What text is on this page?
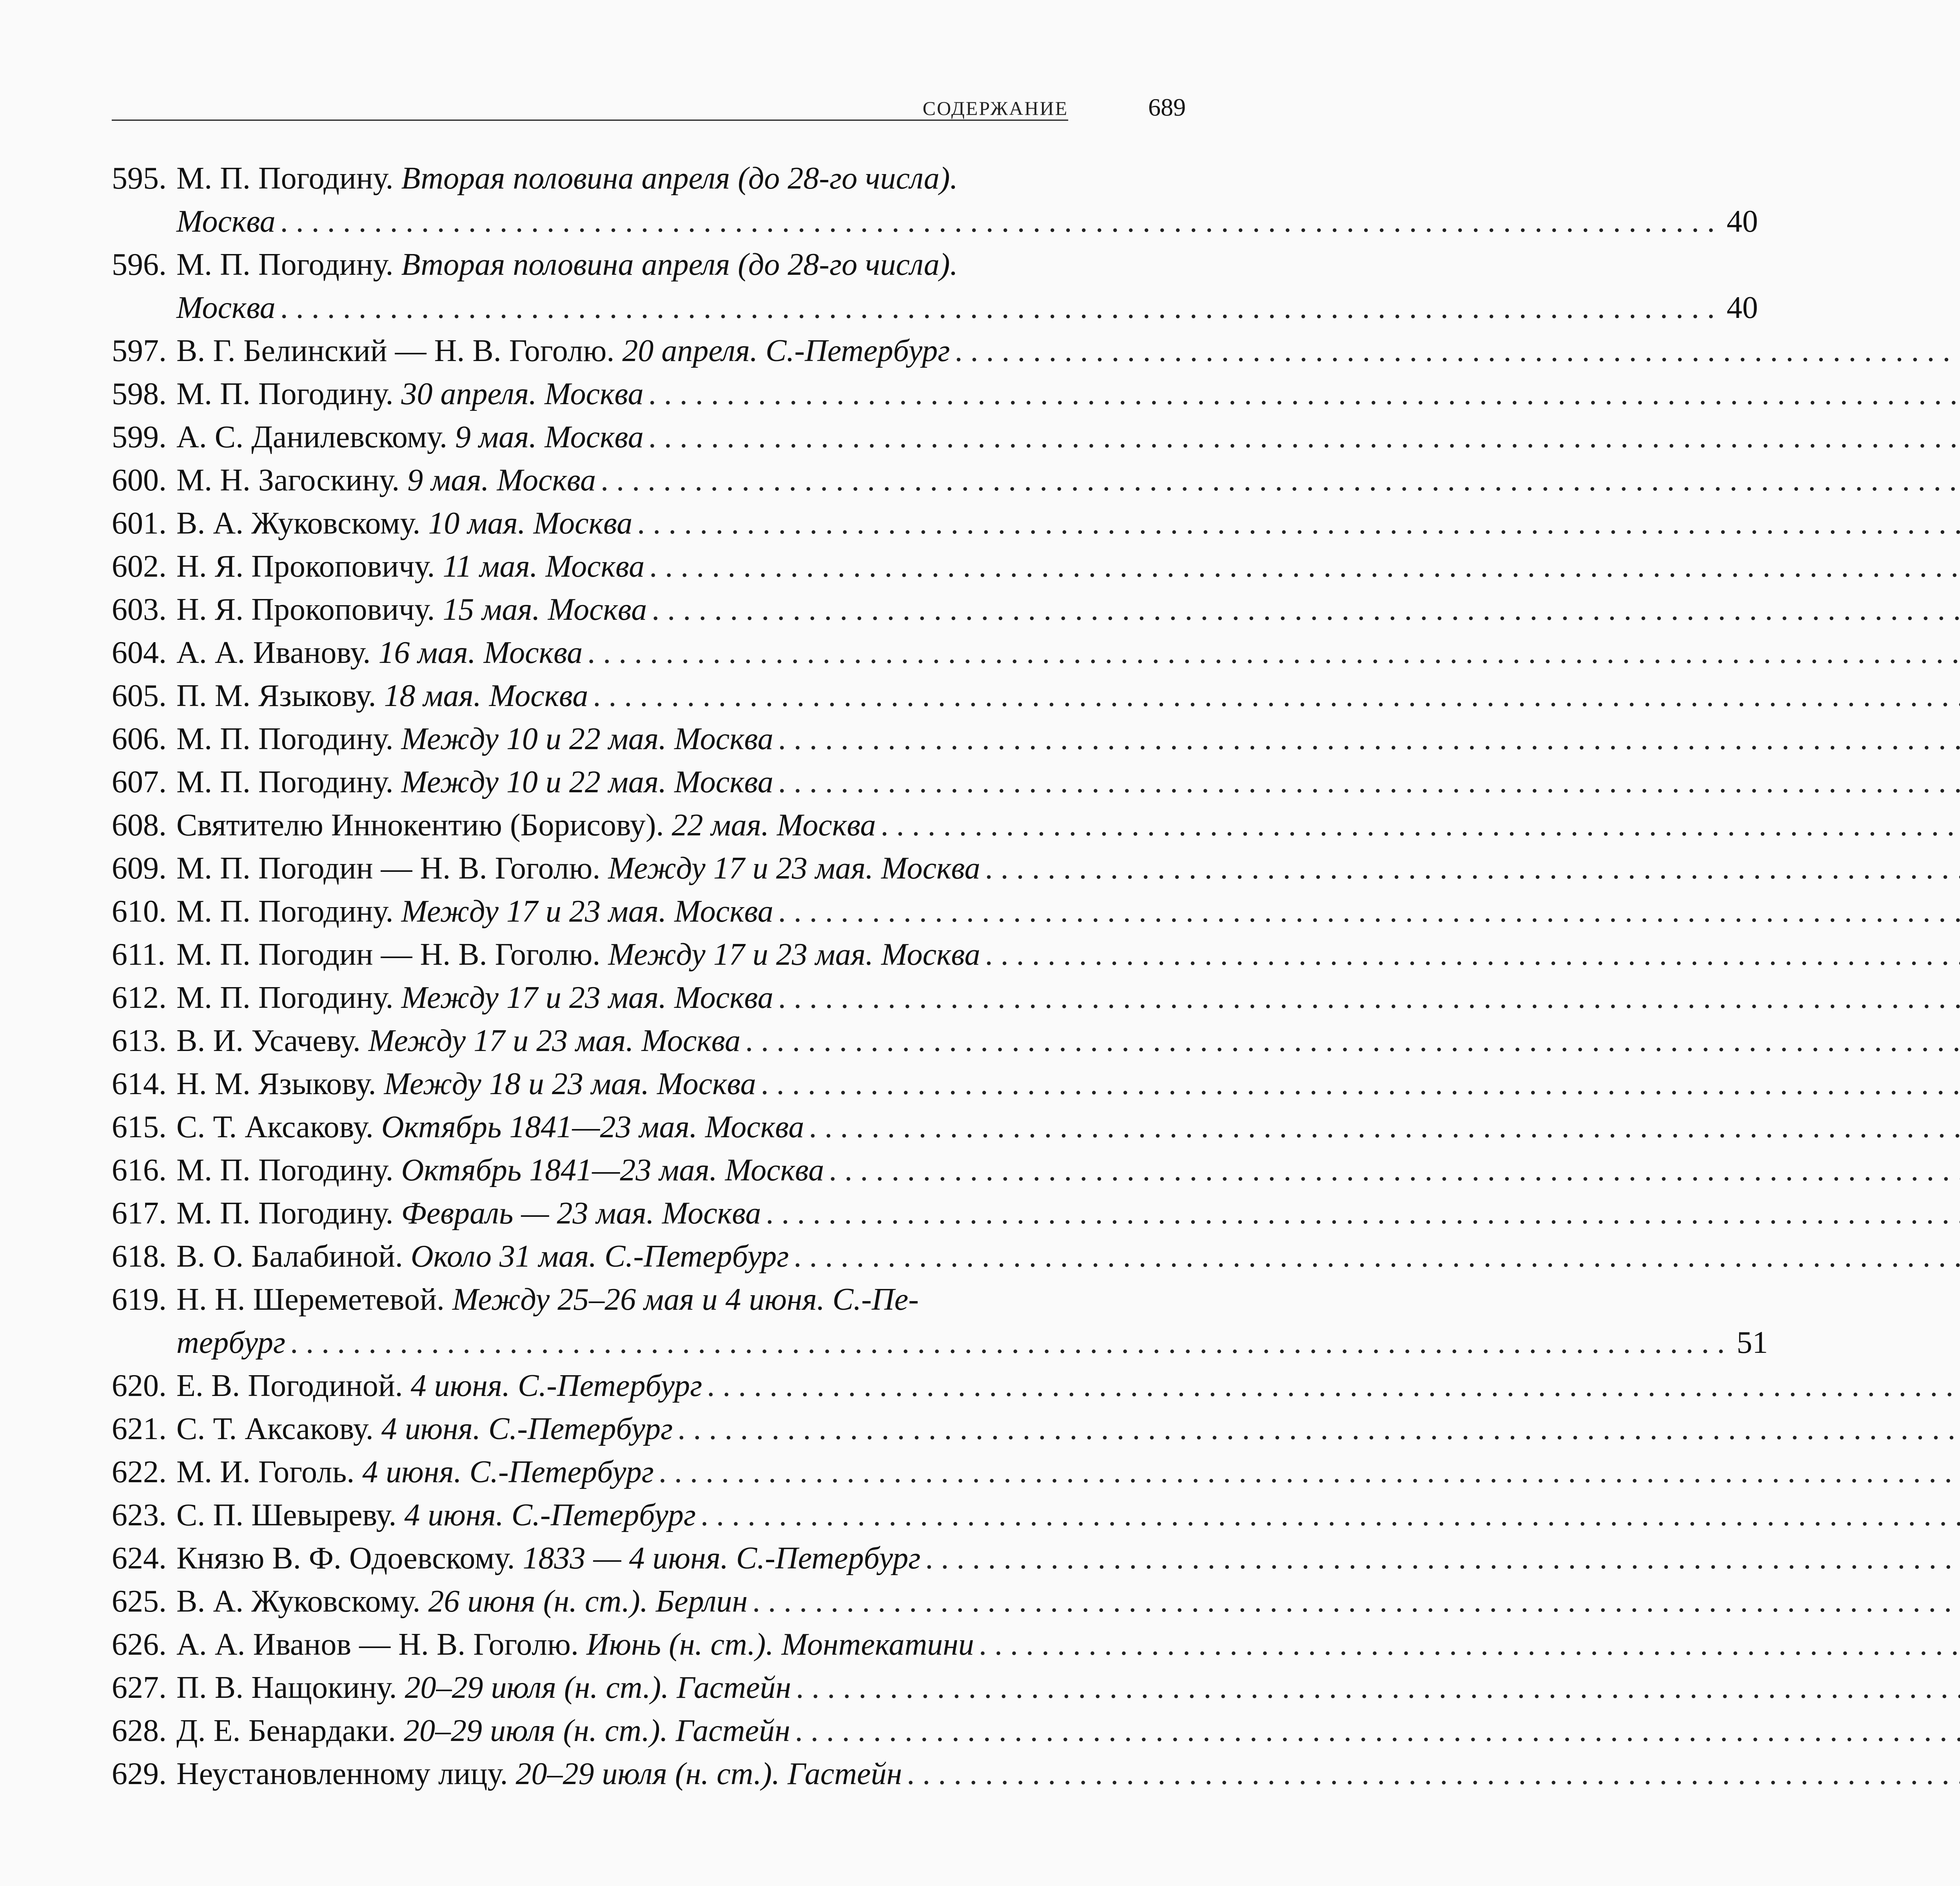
СОДЕРЖАНИЕ	689
595. М. П. Погодину. Вторая половина апреля (до 28-го числа).
Москва . . .	40
596. М. П. Погодину. Вторая половина апреля (до 28-го числа).
Москва . . .	40
597. В. Г. Белинский — Н. В. Гоголю. 20 апреля. С.-Петербург
. . .
598. М. П. Погодину. 30 апреля. Москва
. . .
599. А. С. Данилевскому. 9 мая. Москва
. . .
600. М. Н. Загоскину. 9 мая. Москва
. . .
601. В. А. Жуковскому. 10 мая. Москва
. . .
602. Н. Я. Прокоповичу. 11 мая. Москва
. . .
603. Н. Я. Прокоповичу. 15 мая. Москва
. . .
604. А. А. Иванову. 16 мая. Москва
. . .
605. П. М. Языкову. 18 мая. Москва
. . .
606. М. П. Погодину. Между 10 и 22 мая. Москва
. . .
607. М. П. Погодину. Между 10 и 22 мая. Москва
. . .
608. Святителю Иннокентию (Борисову). 22 мая. Москва
. . .
609. М. П. Погодин — Н. В. Гоголю. Между 17 и 23 мая. Москва
. . .
610. М. П. Погодину. Между 17 и 23 мая. Москва
. . .
611. М. П. Погодин — Н. В. Гоголю. Между 17 и 23 мая. Москва
. . .
612. М. П. Погодину. Между 17 и 23 мая. Москва
. . .
613. В. И. Усачеву. Между 17 и 23 мая. Москва
. . .
614. Н. М. Языкову. Между 18 и 23 мая. Москва
. . .
615. С. Т. Аксакову. Октябрь 1841—23 мая. Москва
. . .
616. М. П. Погодину. Октябрь 1841—23 мая. Москва
. . .
617. М. П. Погодину. Февраль — 23 мая. Москва
. . .
618. В. О. Балабиной. Около 31 мая. С.-Петербург
. . .
619. Н. Н. Шереметевой. Между 25–26 мая и 4 июня. С.-Пе-
тербург . . .	51
620. Е. В. Погодиной. 4 июня. С.-Петербург
. . .
621. С. Т. Аксакову. 4 июня. С.-Петербург
. . .
622. М. И. Гоголь. 4 июня. С.-Петербург
. . .
623. С. П. Шевыреву. 4 июня. С.-Петербург
. . .
624. Князю В. Ф. Одоевскому. 1833 — 4 июня. С.-Петербург
. . .
625. В. А. Жуковскому. 26 июня (н. ст.). Берлин
. . .
626. А. А. Иванов — Н. В. Гоголю. Июнь (н. ст.). Монтекатини
. . .
627. П. В. Нащокину. 20–29 июля (н. ст.). Гастейн
. . .
628. Д. Е. Бенардаки. 20–29 июля (н. ст.). Гастейн
. . .
629. Неустановленному лицу. 20–29 июля (н. ст.). Гастейн
. . .
